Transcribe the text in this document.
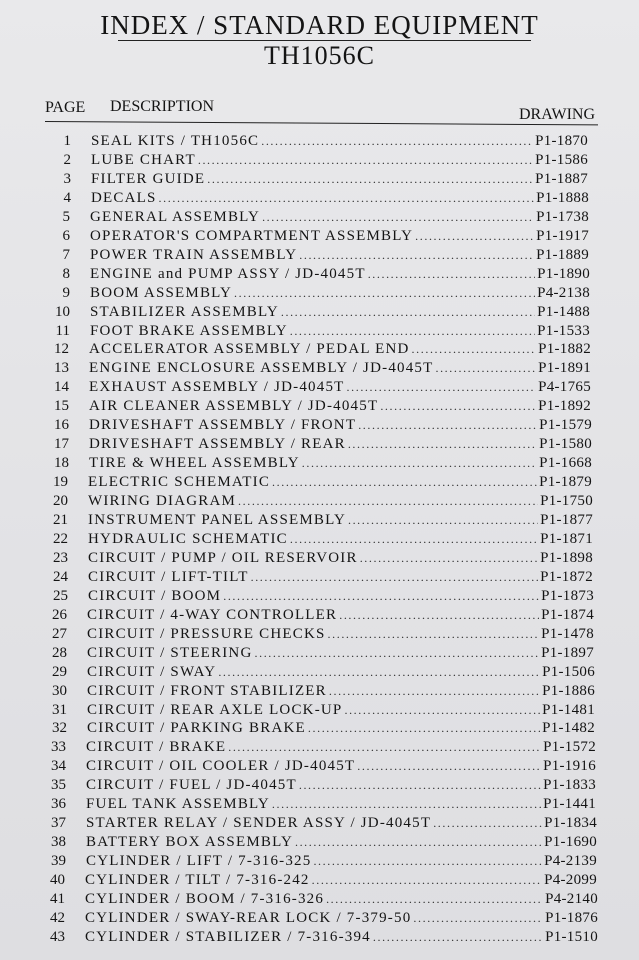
INDEX / STANDARD EQUIPMENT
TH1056C
PAGE DESCRIPTION	DRAWING
1 SEAL KITS / TH1056C .....	P1-1870
2 LUBE CHART .....	P1-1586
3 FILTER GUIDE .....	P1-1887
4 DECALS .....	P1-1888
5 GENERAL ASSEMBLY .....	P1-1738
6 OPERATOR'S COMPARTMENT ASSEMBLY .....	P1-1917
7 POWER TRAIN ASSEMBLY .....	P1-1889
8 ENGINE and PUMP ASSY / JD-4045T .....	P1-1890
9 BOOM ASSEMBLY .....	P4-2138
10 STABILIZER ASSEMBLY .....	P1-1488
11 FOOT BRAKE ASSEMBLY .....	P1-1533
12 ACCELERATOR ASSEMBLY / PEDAL END .....	P1-1882
13 ENGINE ENCLOSURE ASSEMBLY / JD-4045T .....	P1-1891
14 EXHAUST ASSEMBLY / JD-4045T .....	P4-1765
15 AIR CLEANER ASSEMBLY / JD-4045T .....	P1-1892
16 DRIVESHAFT ASSEMBLY / FRONT .....	P1-1579
17 DRIVESHAFT ASSEMBLY / REAR .....	P1-1580
18 TIRE & WHEEL ASSEMBLY .....	P1-1668
19 ELECTRIC SCHEMATIC .....	P1-1879
20 WIRING DIAGRAM .....	P1-1750
21 INSTRUMENT PANEL ASSEMBLY .....	P1-1877
22 HYDRAULIC SCHEMATIC .....	P1-1871
23 CIRCUIT / PUMP / OIL RESERVOIR .....	P1-1898
24 CIRCUIT / LIFT-TILT .....	P1-1872
25 CIRCUIT / BOOM .....	P1-1873
26 CIRCUIT / 4-WAY CONTROLLER .....	P1-1874
27 CIRCUIT / PRESSURE CHECKS .....	P1-1478
28 CIRCUIT / STEERING .....	P1-1897
29 CIRCUIT / SWAY .....	P1-1506
30 CIRCUIT / FRONT STABILIZER .....	P1-1886
31 CIRCUIT / REAR AXLE LOCK-UP .....	P1-1481
32 CIRCUIT / PARKING BRAKE .....	P1-1482
33 CIRCUIT / BRAKE .....	P1-1572
34 CIRCUIT / OIL COOLER / JD-4045T .....	P1-1916
35 CIRCUIT / FUEL / JD-4045T .....	P1-1833
36 FUEL TANK ASSEMBLY .....	P1-1441
37 STARTER RELAY / SENDER ASSY / JD-4045T .....	P1-1834
38 BATTERY BOX ASSEMBLY .....	P1-1690
39 CYLINDER / LIFT / 7-316-325 .....	P4-2139
40 CYLINDER / TILT / 7-316-242 .....	P4-2099
41 CYLINDER / BOOM / 7-316-326 .....	P4-2140
42 CYLINDER / SWAY-REAR LOCK / 7-379-50 .....	P1-1876
43 CYLINDER / STABILIZER / 7-316-394 .....	P1-1510
